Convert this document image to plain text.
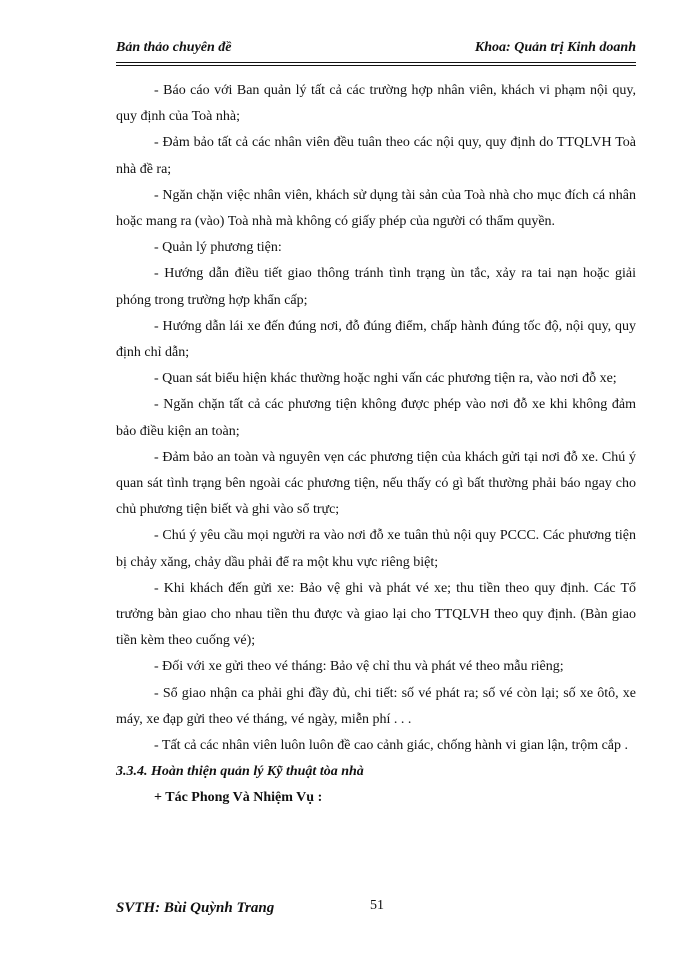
Bản thảo chuyên đề	Khoa: Quản trị Kinh doanh

- Báo cáo với Ban quản lý tất cả các trường hợp nhân viên, khách vi phạm nội quy, quy định của Toà nhà;

- Đảm bảo tất cả các nhân viên đều tuân theo các nội quy, quy định do TTQLVH Toà nhà đề ra;

- Ngăn chặn việc nhân viên, khách sử dụng tài sản của Toà nhà cho mục đích cá nhân hoặc mang ra (vào) Toà nhà mà không có giấy phép của người có thẩm quyền.

- Quản lý phương tiện:

- Hướng dẫn điều tiết giao thông tránh tình trạng ùn tắc, xảy ra tai nạn hoặc giải phóng trong trường hợp khẩn cấp;

- Hướng dẫn lái xe đến đúng nơi, đỗ đúng điểm, chấp hành đúng tốc độ, nội quy, quy định chỉ dẫn;

- Quan sát biểu hiện khác thường hoặc nghi vấn các phương tiện ra, vào nơi đỗ xe;

- Ngăn chặn tất cả các phương tiện không được phép vào nơi đỗ xe khi không đảm bảo điều kiện an toàn;

- Đảm bảo an toàn và nguyên vẹn các phương tiện của khách gửi tại nơi đỗ xe. Chú ý quan sát tình trạng bên ngoài các phương tiện, nếu thấy có gì bất thường phải báo ngay cho chủ phương tiện biết và ghi vào sổ trực;

- Chú ý yêu cầu mọi người ra vào nơi đỗ xe tuân thủ nội quy PCCC. Các phương tiện bị chảy xăng, chảy dầu phải để ra một khu vực riêng biệt;

- Khi khách đến gửi xe: Bảo vệ ghi và phát vé xe; thu tiền theo quy định. Các Tổ trưởng bàn giao cho nhau tiền thu được và giao lại cho TTQLVH theo quy định. (Bàn giao tiền kèm theo cuống vé);

- Đối với xe gửi theo vé tháng: Bảo vệ chỉ thu và phát vé theo mẫu riêng;

- Sổ giao nhận ca phải ghi đầy đủ, chi tiết: số vé phát ra; số vé còn lại; số xe ôtô, xe máy, xe đạp gửi theo vé tháng, vé ngày, miễn phí . . .

- Tất cả các nhân viên luôn luôn đề cao cảnh giác, chống hành vi gian lận, trộm cắp .

3.3.4. Hoàn thiện quản lý Kỹ thuật tòa nhà

+ Tác Phong Và Nhiệm Vụ :

SVTH: Bùi Quỳnh Trang	51
